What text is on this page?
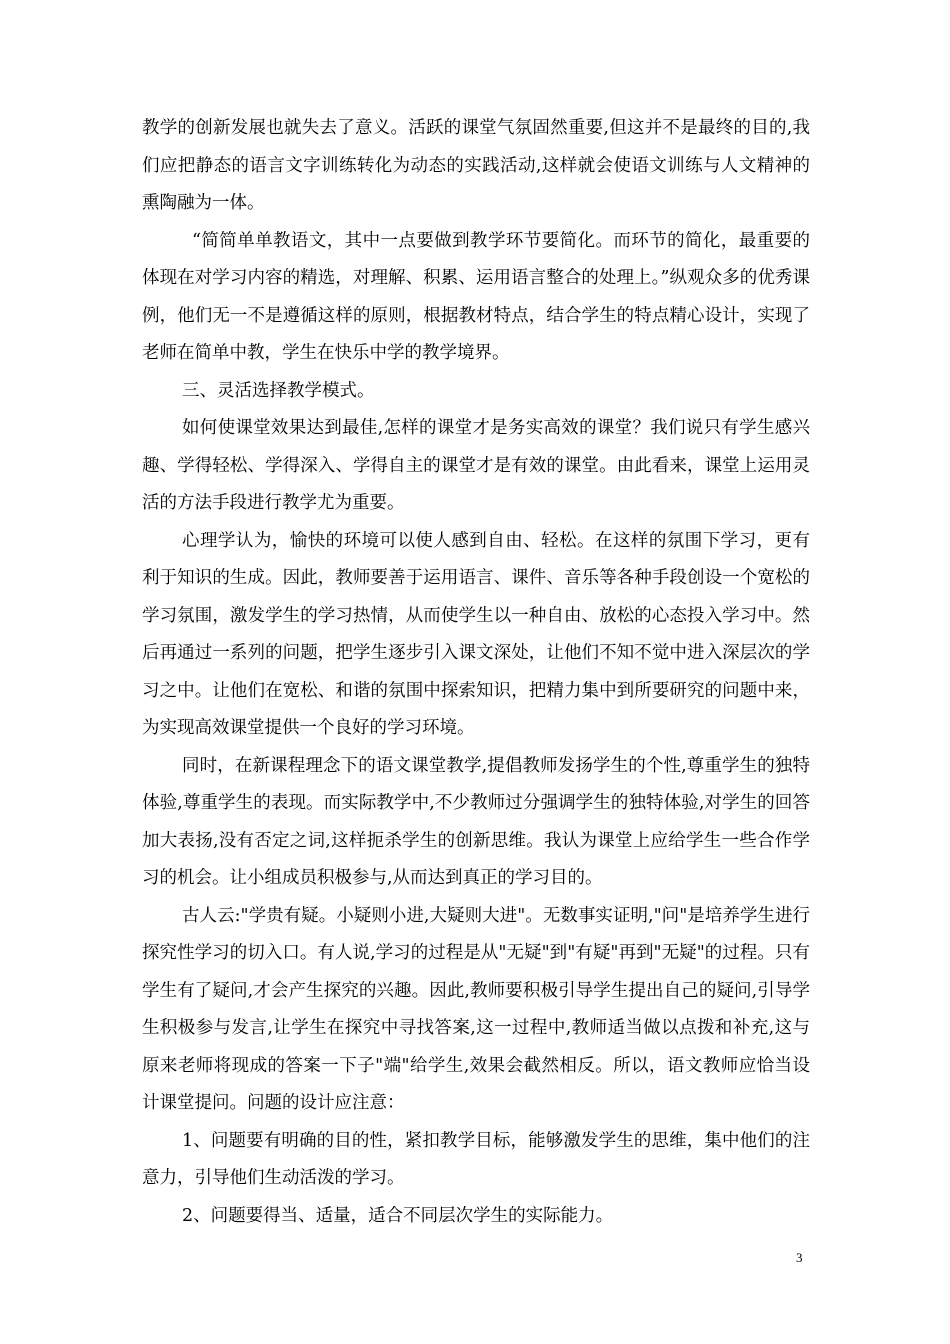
教学的创新发展也就失去了意义。活跃的课堂气氛固然重要,但这并不是最终的目的,我们应把静态的语言文字训练转化为动态的实践活动,这样就会使语文训练与人文精神的熏陶融为一体。

“简简单单教语文，其中一点要做到教学环节要简化。而环节的简化，最重要的体现在对学习内容的精选，对理解、积累、运用语言整合的处理上。”纵观众多的优秀课例，他们无一不是遵循这样的原则，根据教材特点，结合学生的特点精心设计，实现了老师在简单中教，学生在快乐中学的教学境界。

三、灵活选择教学模式。

如何使课堂效果达到最佳,怎样的课堂才是务实高效的课堂？我们说只有学生感兴趣、学得轻松、学得深入、学得自主的课堂才是有效的课堂。由此看来，课堂上运用灵活的方法手段进行教学尤为重要。

心理学认为，愉快的环境可以使人感到自由、轻松。在这样的氛围下学习，更有利于知识的生成。因此，教师要善于运用语言、课件、音乐等各种手段创设一个宽松的学习氛围，激发学生的学习热情，从而使学生以一种自由、放松的心态投入学习中。然后再通过一系列的问题，把学生逐步引入课文深处，让他们不知不觉中进入深层次的学习之中。让他们在宽松、和谐的氛围中探索知识，把精力集中到所要研究的问题中来，为实现高效课堂提供一个良好的学习环境。

同时，在新课程理念下的语文课堂教学,提倡教师发扬学生的个性,尊重学生的独特体验,尊重学生的表现。而实际教学中,不少教师过分强调学生的独特体验,对学生的回答加大表扬,没有否定之词,这样扼杀学生的创新思维。我认为课堂上应给学生一些合作学习的机会。让小组成员积极参与,从而达到真正的学习目的。

古人云:"学贵有疑。小疑则小进,大疑则大进"。无数事实证明,"问"是培养学生进行探究性学习的切入口。有人说,学习的过程是从"无疑"到"有疑"再到"无疑"的过程。只有学生有了疑问,才会产生探究的兴趣。因此,教师要积极引导学生提出自己的疑问,引导学生积极参与发言,让学生在探究中寻找答案,这一过程中,教师适当做以点拨和补充,这与原来老师将现成的答案一下子"端"给学生,效果会截然相反。所以，语文教师应恰当设计课堂提问。问题的设计应注意：

1、问题要有明确的目的性，紧扣教学目标，能够激发学生的思维，集中他们的注意力，引导他们生动活泼的学习。

2、问题要得当、适量，适合不同层次学生的实际能力。

3
